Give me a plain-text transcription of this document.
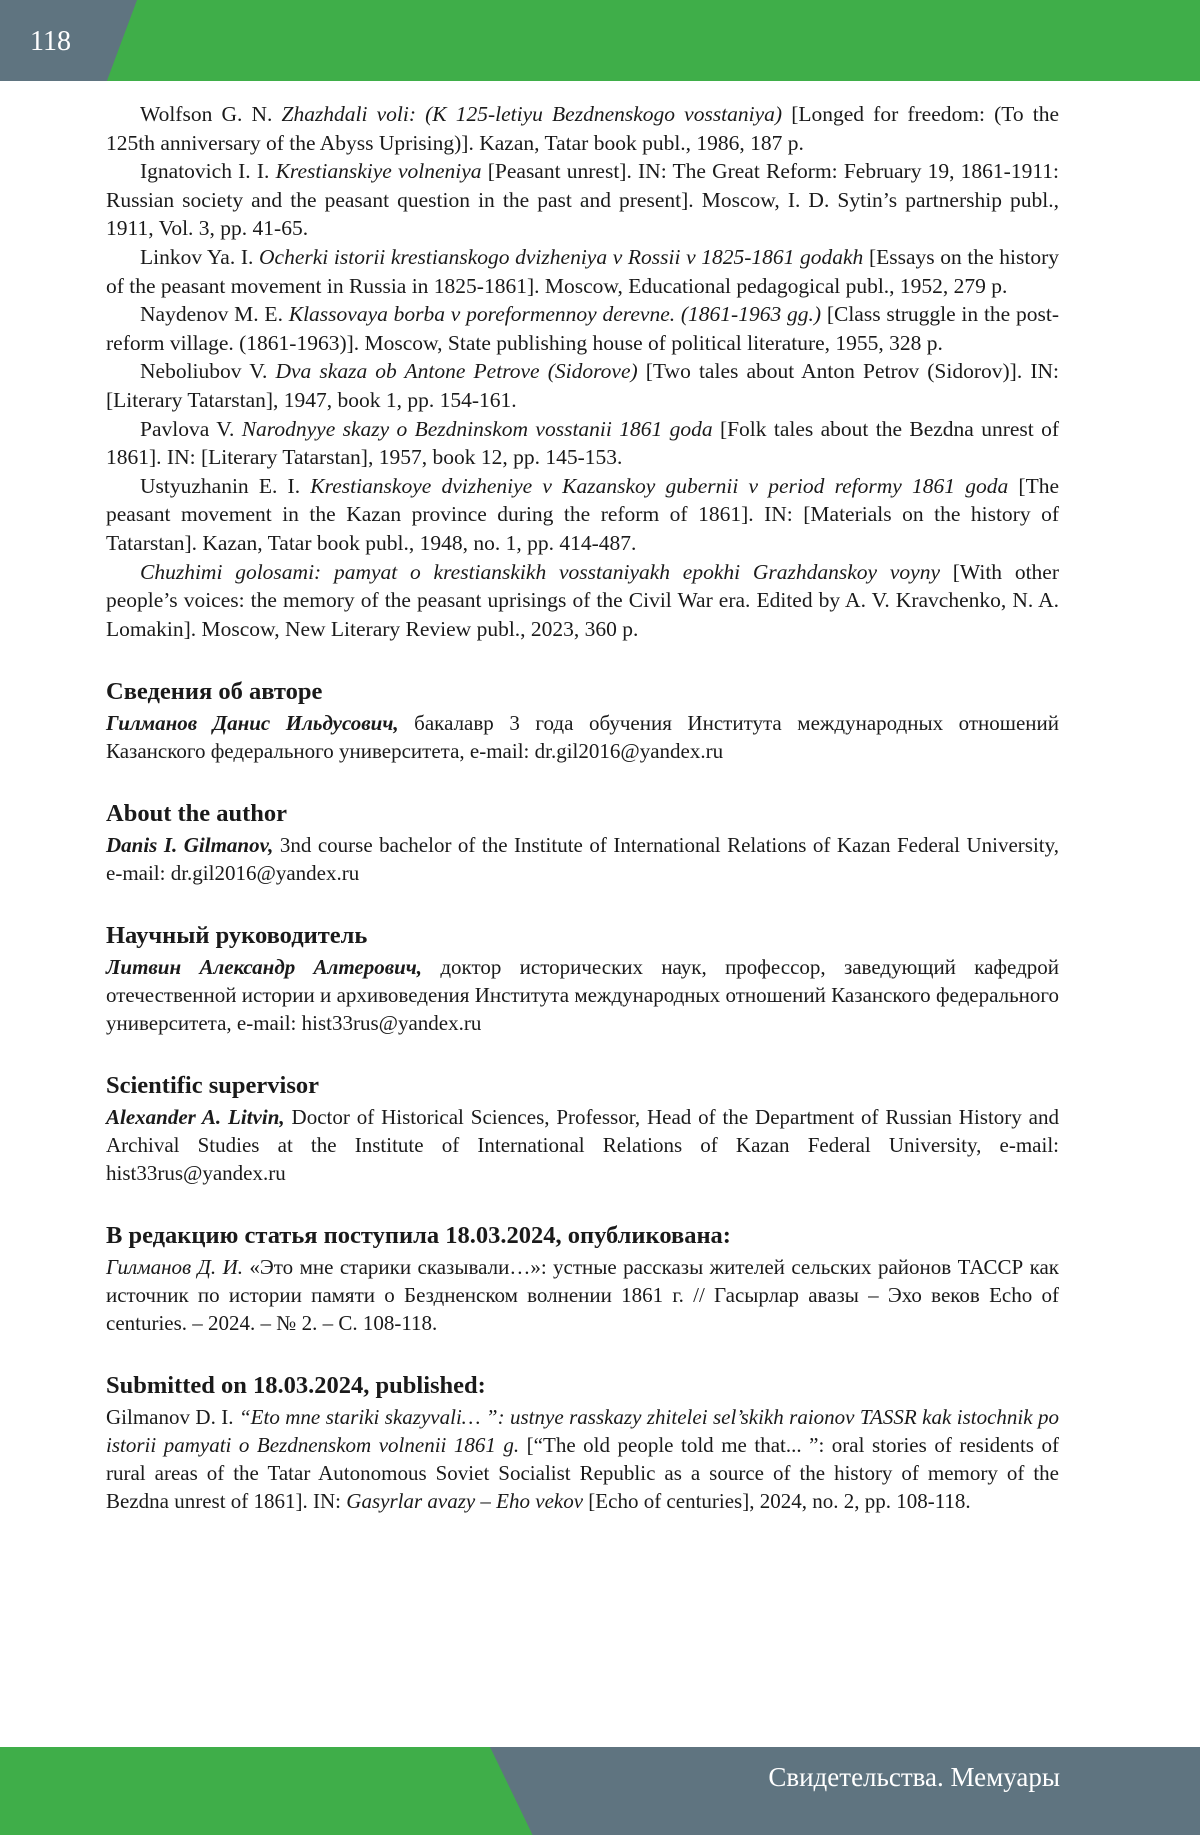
118

Wolfson G. N. Zhazhdali voli: (K 125-letiyu Bezdnenskogo vosstaniya) [Longed for freedom: (To the 125th anniversary of the Abyss Uprising)]. Kazan, Tatar book publ., 1986, 187 p.

Ignatovich I. I. Krestianskiye volneniya [Peasant unrest]. IN: The Great Reform: February 19, 1861-1911: Russian society and the peasant question in the past and present]. Moscow, I. D. Sytin’s partnership publ., 1911, Vol. 3, pp. 41-65.

Linkov Ya. I. Ocherki istorii krestianskogo dvizheniya v Rossii v 1825-1861 godakh [Essays on the history of the peasant movement in Russia in 1825-1861]. Moscow, Educational pedagogical publ., 1952, 279 p.

Naydenov M. E. Klassovaya borba v poreformennoy derevne. (1861-1963 gg.) [Class struggle in the post-reform village. (1861-1963)]. Moscow, State publishing house of political literature, 1955, 328 p.

Neboliubov V. Dva skaza ob Antone Petrove (Sidorove) [Two tales about Anton Petrov (Sidorov)]. IN: [Literary Tatarstan], 1947, book 1, pp. 154-161.

Pavlova V. Narodnyye skazy o Bezdninskom vosstanii 1861 goda [Folk tales about the Bezdna unrest of 1861]. IN: [Literary Tatarstan], 1957, book 12, pp. 145-153.

Ustyuzhanin E. I. Krestianskoye dvizheniye v Kazanskoy gubernii v period reformy 1861 goda [The peasant movement in the Kazan province during the reform of 1861]. IN: [Materials on the history of Tatarstan]. Kazan, Tatar book publ., 1948, no. 1, pp. 414-487.

Chuzhimi golosami: pamyat o krestianskikh vosstaniyakh epokhi Grazhdanskoy voyny [With other people’s voices: the memory of the peasant uprisings of the Civil War era. Edited by A. V. Kravchenko, N. A. Lomakin]. Moscow, New Literary Review publ., 2023, 360 p.

Сведения об авторе

Гилманов Данис Ильдусович, бакалавр 3 года обучения Института международных отношений Казанского федерального университета, e-mail: dr.gil2016@yandex.ru

About the author

Danis I. Gilmanov, 3nd course bachelor of the Institute of International Relations of Kazan Federal University, e-mail: dr.gil2016@yandex.ru

Научный руководитель

Литвин Александр Алтерович, доктор исторических наук, профессор, заведующий кафедрой отечественной истории и архивоведения Института международных отношений Казанского федерального университета, e-mail: hist33rus@yandex.ru

Scientific supervisor

Alexander A. Litvin, Doctor of Historical Sciences, Professor, Head of the Department of Russian History and Archival Studies at the Institute of International Relations of Kazan Federal University, e-mail: hist33rus@yandex.ru

В редакцию статья поступила 18.03.2024, опубликована:

Гилманов Д. И. «Это мне старики сказывали…»: устные рассказы жителей сельских районов ТАССР как источник по истории памяти о Бездненском волнении 1861 г. // Гасырлар авазы – Эхо веков Echo of centuries. – 2024. – № 2. – С. 108-118.

Submitted on 18.03.2024, published:

Gilmanov D. I. “Eto mne stariki skazyvali… ”: ustnye rasskazy zhitelei sel’skikh raionov TASSR kak istochnik po istorii pamyati o Bezdnenskom volnenii 1861 g. [“The old people told me that... ”: oral stories of residents of rural areas of the Tatar Autonomous Soviet Socialist Republic as a source of the history of memory of the Bezdna unrest of 1861]. IN: Gasyrlar avazy – Eho vekov [Echo of centuries], 2024, no. 2, pp. 108-118.

Свидетельства. Мемуары
